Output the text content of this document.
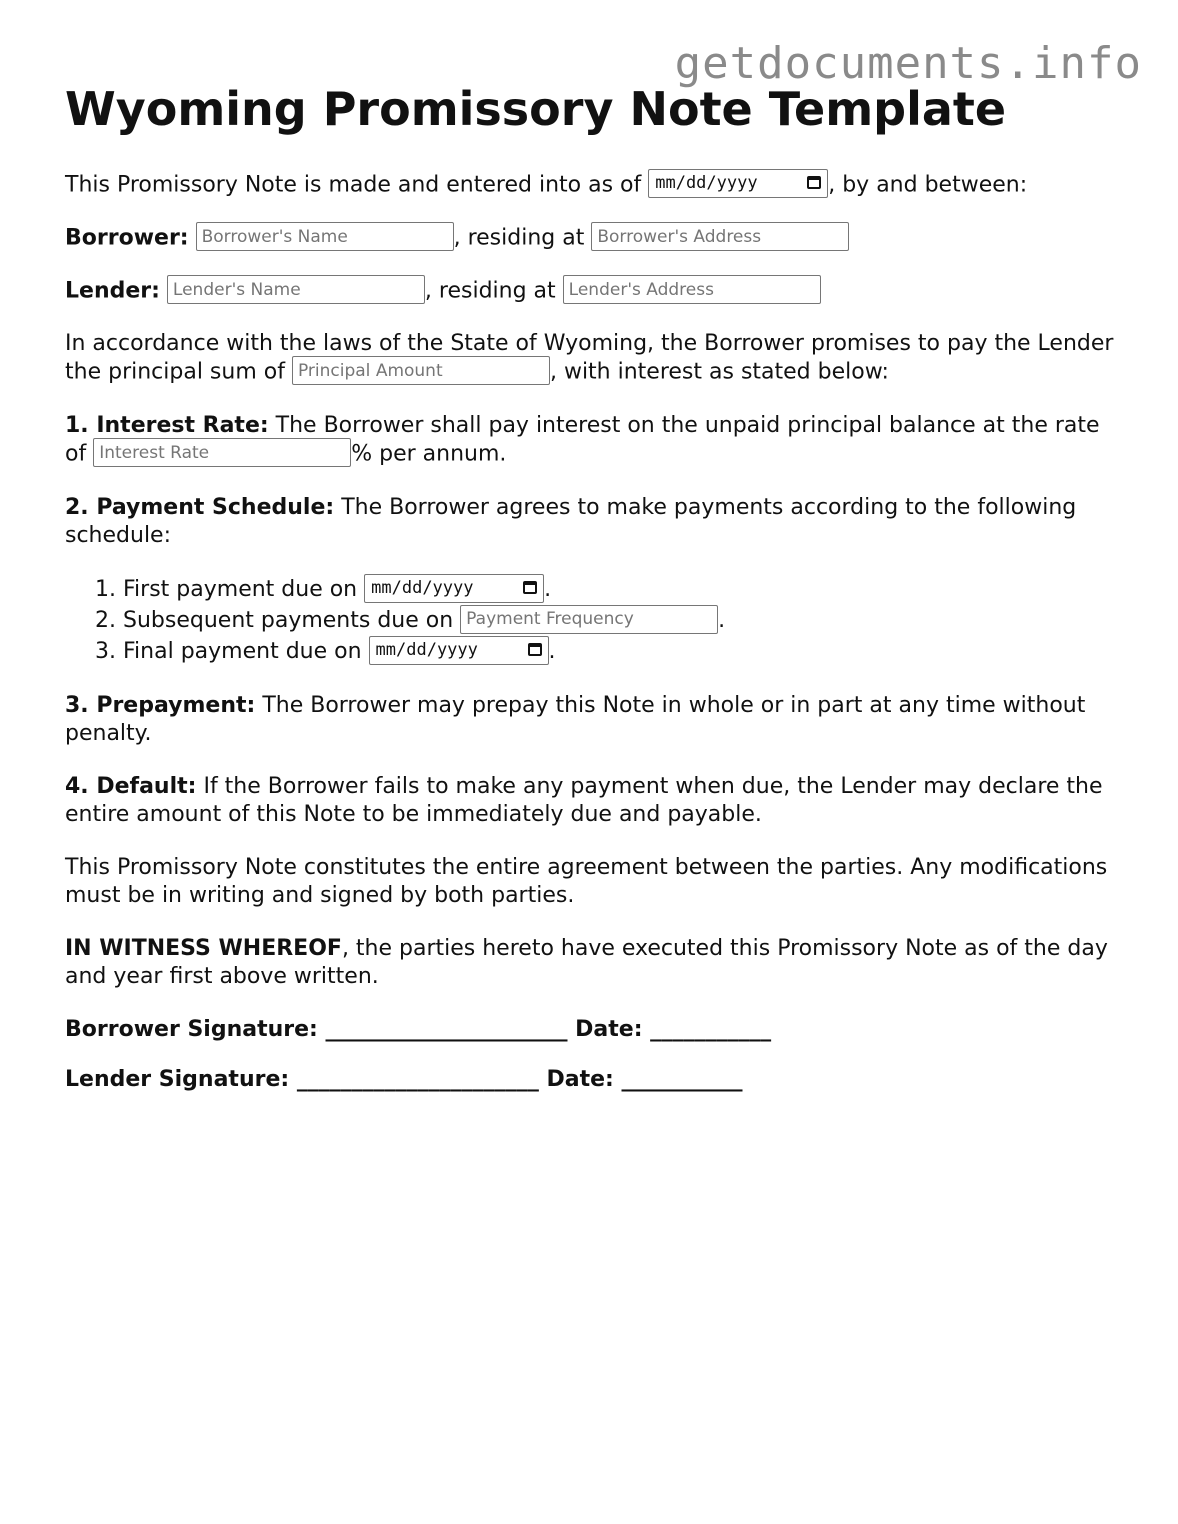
getdocuments.info
Wyoming Promissory Note Template
This Promissory Note is made and entered into as of mm/dd/yyyy	, by and between:
Borrower: Borrower's Name	, residing at Borrower's Address
Lender: Lender's Name	, residing at Lender's Address

In accordance with the laws of the State of Wyoming, the Borrower promises to pay the Lender the principal sum of Principal Amount	, with interest as stated below:

1. Interest Rate: The Borrower shall pay interest on the unpaid principal balance at the rate of Interest Rate	% per annum.

2. Payment Schedule: The Borrower agrees to make payments according to the following schedule:

1. First payment due on mm/dd/yyyy	.
2. Subsequent payments due on Payment Frequency	.
3. Final payment due on mm/dd/yyyy	.

3. Prepayment: The Borrower may prepay this Note in whole or in part at any time without penalty.

4. Default: If the Borrower fails to make any payment when due, the Lender may declare the entire amount of this Note to be immediately due and payable.

This Promissory Note constitutes the entire agreement between the parties. Any modifications must be in writing and signed by both parties.

IN WITNESS WHEREOF, the parties hereto have executed this Promissory Note as of the day and year first above written.

Borrower Signature: ______________________ Date: ___________
Lender Signature: ______________________ Date: ___________
